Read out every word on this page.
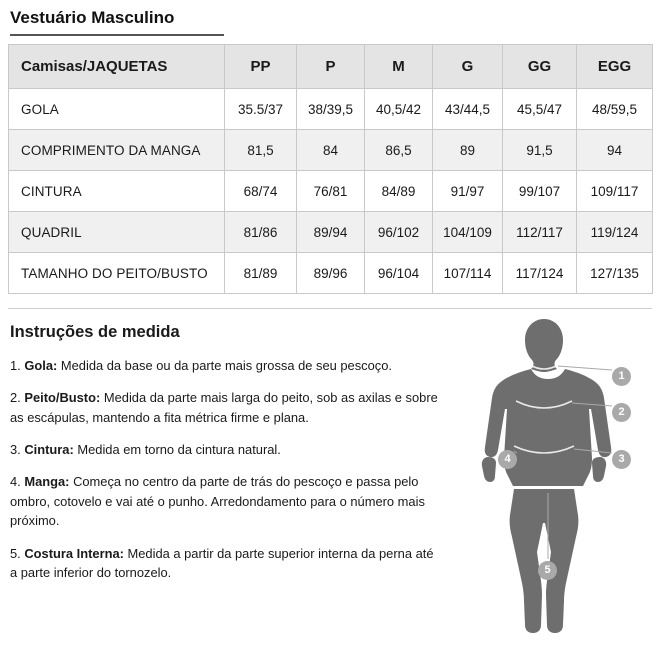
Vestuário Masculino
Camisas/JAQUETAS	PP	P	M	G	GG	EGG
GOLA	35.5/37	38/39,5	40,5/42	43/44,5	45,5/47	48/59,5
COMPRIMENTO DA MANGA	81,5	84	86,5	89	91,5	94
CINTURA	68/74	76/81	84/89	91/97	99/107	109/117
QUADRIL	81/86	89/94	96/102	104/109	112/117	119/124
TAMANHO DO PEITO/BUSTO	81/89	89/96	96/104	107/114	117/124	127/135
Instruções de medida
1. Gola: Medida da base ou da parte mais grossa de seu pescoço.
2. Peito/Busto: Medida da parte mais larga do peito, sob as axilas e sobre as escápulas, mantendo a fita métrica firme e plana.
3. Cintura: Medida em torno da cintura natural.
4. Manga: Começa no centro da parte de trás do pescoço e passa pelo ombro, cotovelo e vai até o punho. Arredondamento para o número mais próximo.
5. Costura Interna: Medida a partir da parte superior interna da perna até a parte inferior do tornozelo.
1
2
3
4
5
